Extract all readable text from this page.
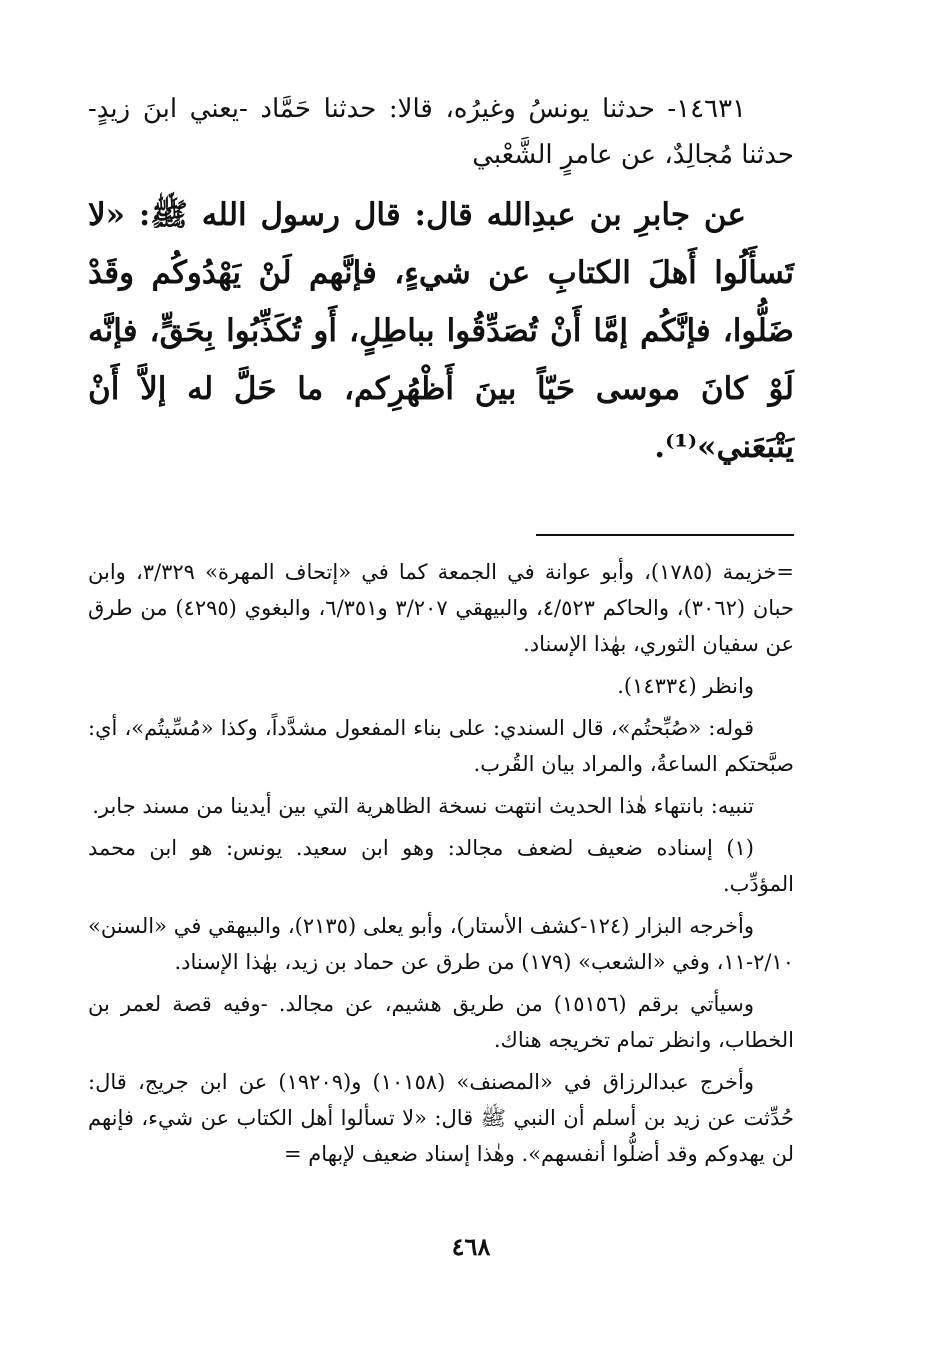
١٤٦٣١- حدثنا يونسُ وغيرُه، قالا: حدثنا حَمَّاد -يعني ابنَ زيدٍ- حدثنا مُجالِدٌ، عن عامرٍ الشَّعْبي

عن جابرِ بن عبدِالله قال: قال رسول الله ﷺ: «لا تَسأَلُوا أَهلَ الكتابِ عن شيءٍ، فإنَّهم لَنْ يَهْدُوكُم وقَدْ ضَلُّوا، فإنَّكُم إمَّا أَنْ تُصَدِّقُوا بباطِلٍ، أَو تُكَذِّبُوا بِحَقٍّ، فإنَّه لَوْ كانَ موسى حَيّاً بينَ أَظْهُرِكم، ما حَلَّ له إلاَّ أَنْ يَتْبَعَني»⁽¹⁾.

=خزيمة (١٧٨٥)، وأبو عوانة في الجمعة كما في «إتحاف المهرة» ٣/٣٢٩، وابن حبان (٣٠٦٢)، والحاكم ٤/٥٢٣، والبيهقي ٣/٢٠٧ و٦/٣٥١، والبغوي (٤٢٩٥) من طرق عن سفيان الثوري، بهٰذا الإسناد.

وانظر (١٤٣٣٤).

قوله: «صُبِّحتُم»، قال السندي: على بناء المفعول مشدَّداً، وكذا «مُسِّيتُم»، أي: صبَّحتكم الساعةُ، والمراد بيان القُرب.

تنبيه: بانتهاء هٰذا الحديث انتهت نسخة الظاهرية التي بين أيدينا من مسند جابر.

(١) إسناده ضعيف لضعف مجالد: وهو ابن سعيد. يونس: هو ابن محمد المؤدِّب.

وأخرجه البزار (١٢٤-كشف الأستار)، وأبو يعلى (٢١٣٥)، والبيهقي في «السنن» ٢/١٠-١١، وفي «الشعب» (١٧٩) من طرق عن حماد بن زيد، بهٰذا الإسناد.

وسيأتي برقم (١٥١٥٦) من طريق هشيم، عن مجالد. -وفيه قصة لعمر بن الخطاب، وانظر تمام تخريجه هناك.

وأخرج عبدالرزاق في «المصنف» (١٠١٥٨) و(١٩٢٠٩) عن ابن جريج، قال: حُدِّثت عن زيد بن أسلم أن النبي ﷺ قال: «لا تسألوا أهل الكتاب عن شيء، فإنهم لن يهدوكم وقد أضلُّوا أنفسهم». وهٰذا إسناد ضعيف لإبهام =

٤٦٨
